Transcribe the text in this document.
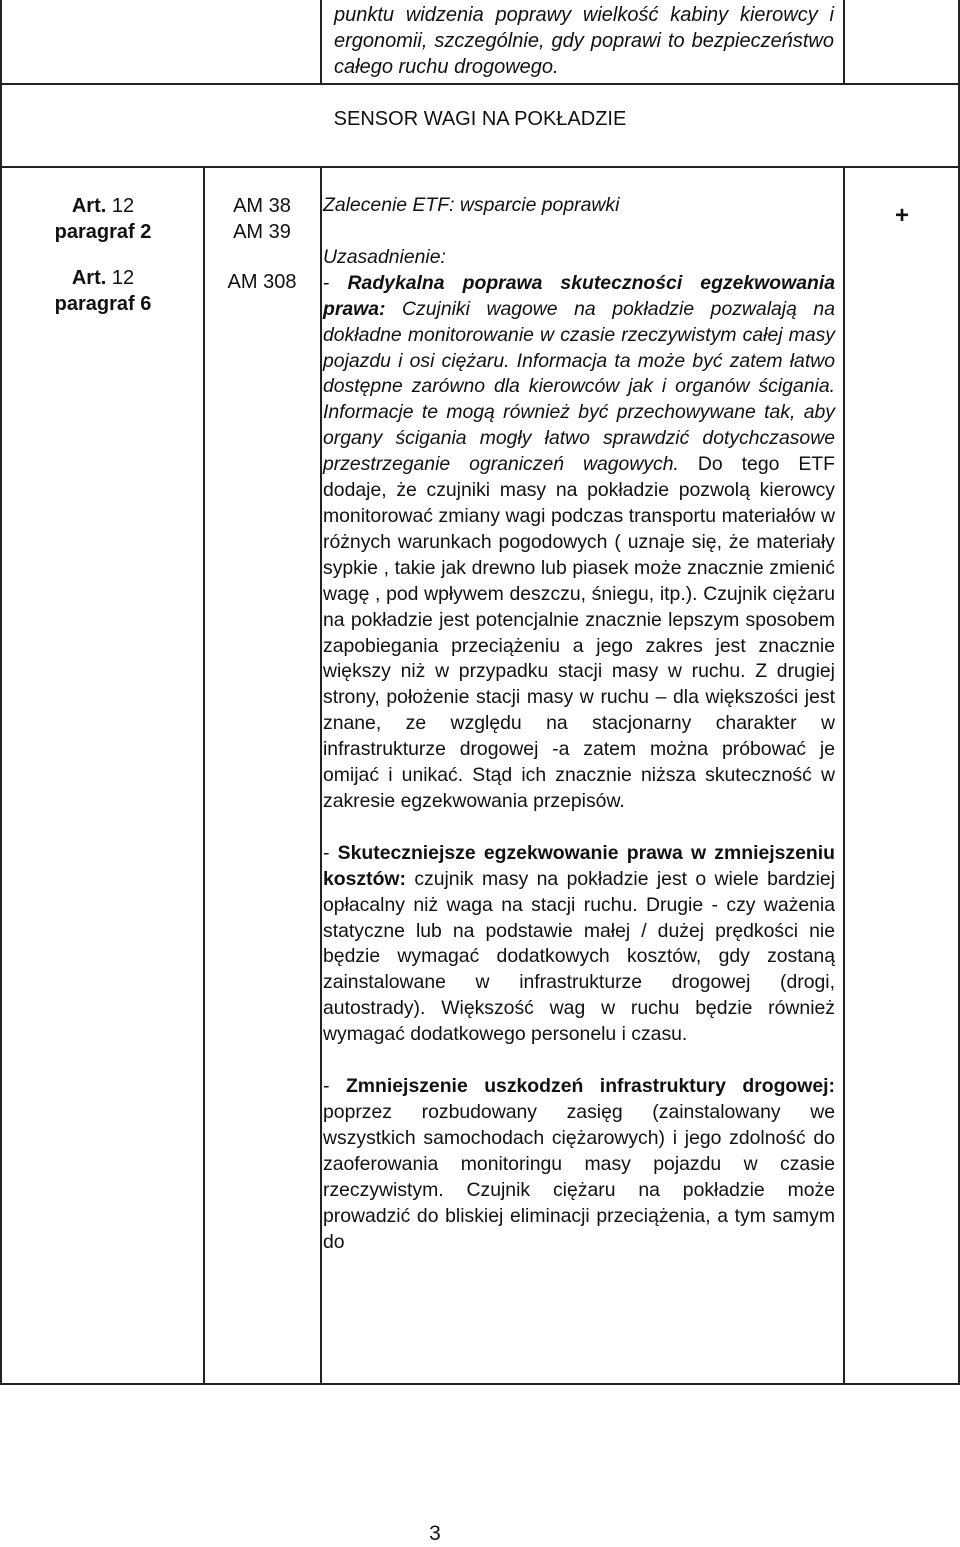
punktu widzenia poprawy wielkość kabiny kierowcy i ergonomii, szczególnie, gdy poprawi to bezpieczeństwo całego ruchu drogowego.
SENSOR WAGI NA POKŁADZIE
Art. 12
paragraf 2
Art. 12
paragraf 6
AM 38
AM 39
AM 308
Zalecenie ETF: wsparcie poprawki
Uzasadnienie:
- Radykalna poprawa skuteczności egzekwowania prawa: Czujniki wagowe na pokładzie pozwalają na dokładne monitorowanie w czasie rzeczywistym całej masy pojazdu i osi ciężaru. Informacja ta może być zatem łatwo dostępne zarówno dla kierowców jak i organów ścigania. Informacje te mogą również być przechowywane tak, aby organy ścigania mogły łatwo sprawdzić dotychczasowe przestrzeganie ograniczeń wagowych. Do tego ETF dodaje, że czujniki masy na pokładzie pozwolą kierowcy monitorować zmiany wagi podczas transportu materiałów w różnych warunkach pogodowych ( uznaje się, że materiały sypkie , takie jak drewno lub piasek może znacznie zmienić wagę , pod wpływem deszczu, śniegu, itp.). Czujnik ciężaru na pokładzie jest potencjalnie znacznie lepszym sposobem zapobiegania przeciążeniu a jego zakres jest znacznie większy niż w przypadku stacji masy w ruchu. Z drugiej strony, położenie stacji masy w ruchu – dla większości jest znane, ze względu na stacjonarny charakter w infrastrukturze drogowej -a zatem można próbować je omijać i unikać. Stąd ich znacznie niższa skuteczność w zakresie egzekwowania przepisów.
- Skuteczniejsze egzekwowanie prawa w zmniejszeniu kosztów: czujnik masy na pokładzie jest o wiele bardziej opłacalny niż waga na stacji ruchu. Drugie - czy ważenia statyczne lub na podstawie małej / dużej prędkości nie będzie wymagać dodatkowych kosztów, gdy zostaną zainstalowane w infrastrukturze drogowej (drogi, autostrady). Większość wag w ruchu będzie również wymagać dodatkowego personelu i czasu.
- Zmniejszenie uszkodzeń infrastruktury drogowej: poprzez rozbudowany zasięg (zainstalowany we wszystkich samochodach ciężarowych) i jego zdolność do zaoferowania monitoringu masy pojazdu w czasie rzeczywistym. Czujnik ciężaru na pokładzie może prowadzić do bliskiej eliminacji przeciążenia, a tym samym do
+
3
